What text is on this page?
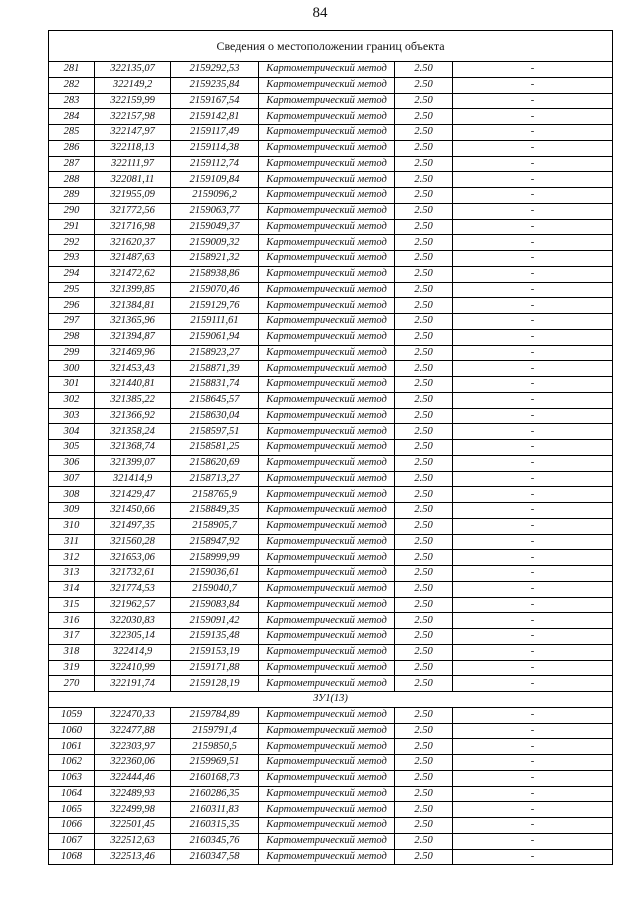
84
Сведения о местоположении границ объекта					
281	322135,07	2159292,53	Картометрический метод	2.50	-
282	322149,2	2159235,84	Картометрический метод	2.50	-
283	322159,99	2159167,54	Картометрический метод	2.50	-
284	322157,98	2159142,81	Картометрический метод	2.50	-
285	322147,97	2159117,49	Картометрический метод	2.50	-
286	322118,13	2159114,38	Картометрический метод	2.50	-
287	322111,97	2159112,74	Картометрический метод	2.50	-
288	322081,11	2159109,84	Картометрический метод	2.50	-
289	321955,09	2159096,2	Картометрический метод	2.50	-
290	321772,56	2159063,77	Картометрический метод	2.50	-
291	321716,98	2159049,37	Картометрический метод	2.50	-
292	321620,37	2159009,32	Картометрический метод	2.50	-
293	321487,63	2158921,32	Картометрический метод	2.50	-
294	321472,62	2158938,86	Картометрический метод	2.50	-
295	321399,85	2159070,46	Картометрический метод	2.50	-
296	321384,81	2159129,76	Картометрический метод	2.50	-
297	321365,96	2159111,61	Картометрический метод	2.50	-
298	321394,87	2159061,94	Картометрический метод	2.50	-
299	321469,96	2158923,27	Картометрический метод	2.50	-
300	321453,43	2158871,39	Картометрический метод	2.50	-
301	321440,81	2158831,74	Картометрический метод	2.50	-
302	321385,22	2158645,57	Картометрический метод	2.50	-
303	321366,92	2158630,04	Картометрический метод	2.50	-
304	321358,24	2158597,51	Картометрический метод	2.50	-
305	321368,74	2158581,25	Картометрический метод	2.50	-
306	321399,07	2158620,69	Картометрический метод	2.50	-
307	321414,9	2158713,27	Картометрический метод	2.50	-
308	321429,47	2158765,9	Картометрический метод	2.50	-
309	321450,66	2158849,35	Картометрический метод	2.50	-
310	321497,35	2158905,7	Картометрический метод	2.50	-
311	321560,28	2158947,92	Картометрический метод	2.50	-
312	321653,06	2158999,99	Картометрический метод	2.50	-
313	321732,61	2159036,61	Картометрический метод	2.50	-
314	321774,53	2159040,7	Картометрический метод	2.50	-
315	321962,57	2159083,84	Картометрический метод	2.50	-
316	322030,83	2159091,42	Картометрический метод	2.50	-
317	322305,14	2159135,48	Картометрический метод	2.50	-
318	322414,9	2159153,19	Картометрический метод	2.50	-
319	322410,99	2159171,88	Картометрический метод	2.50	-
270	322191,74	2159128,19	Картометрический метод	2.50	-
ЗУ1(13)					
1059	322470,33	2159784,89	Картометрический метод	2.50	-
1060	322477,88	2159791,4	Картометрический метод	2.50	-
1061	322303,97	2159850,5	Картометрический метод	2.50	-
1062	322360,06	2159969,51	Картометрический метод	2.50	-
1063	322444,46	2160168,73	Картометрический метод	2.50	-
1064	322489,93	2160286,35	Картометрический метод	2.50	-
1065	322499,98	2160311,83	Картометрический метод	2.50	-
1066	322501,45	2160315,35	Картометрический метод	2.50	-
1067	322512,63	2160345,76	Картометрический метод	2.50	-
1068	322513,46	2160347,58	Картометрический метод	2.50	-
